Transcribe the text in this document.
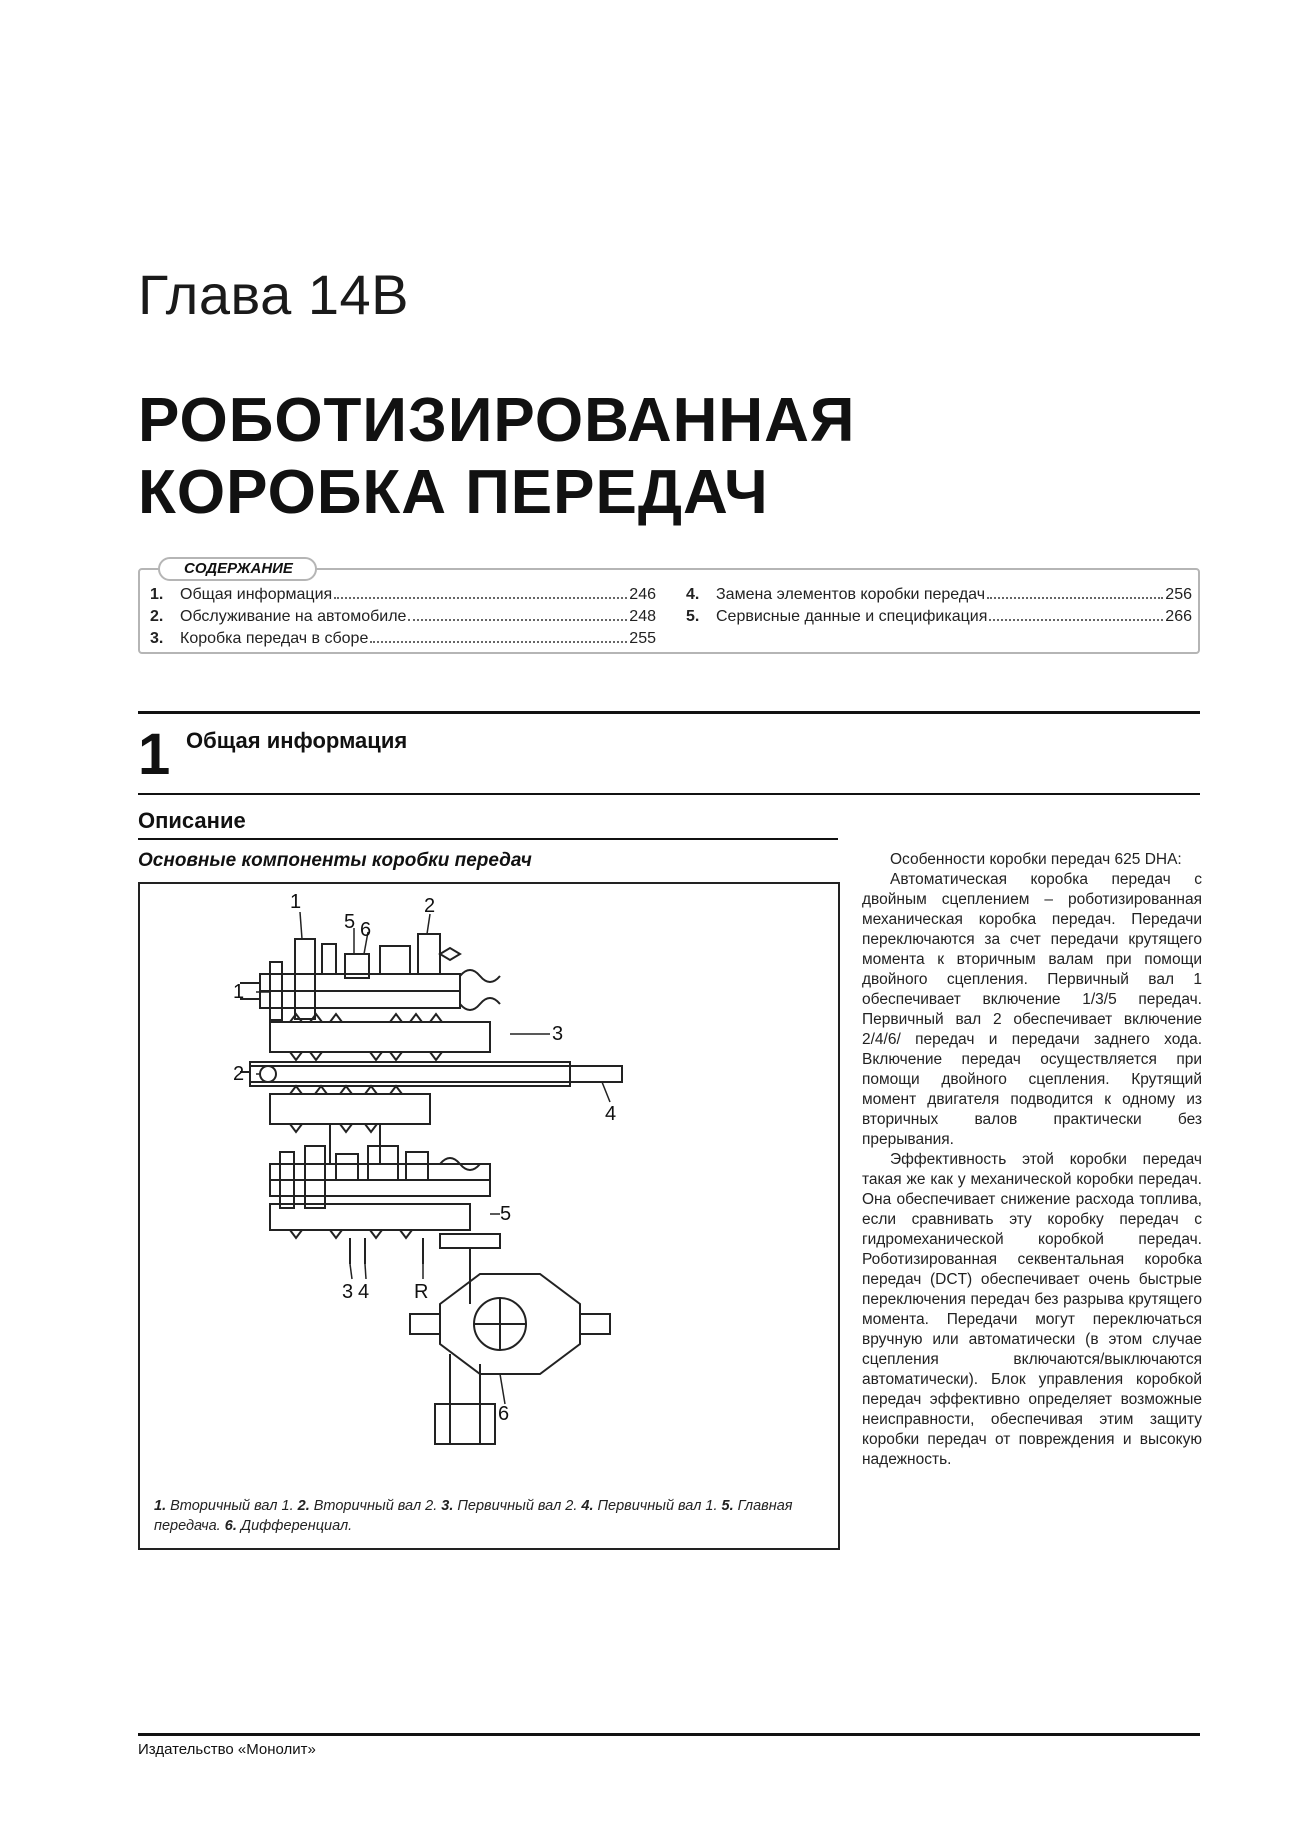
Глава 14В
РОБОТИЗИРОВАННАЯ
КОРОБКА ПЕРЕДАЧ
СОДЕРЖАНИЕ
1.	Общая информация	246
2.	Обслуживание на автомобиле	248
3.	Коробка передач в сборе	255
4.	Замена элементов коробки передач	256
5.	Сервисные данные и спецификация	266
1 Общая информация
Описание
Основные компоненты коробки передач
1	2
5 6
1
2
3
4
5
6
3 4 R
1. Вторичный вал 1. 2. Вторичный вал 2. 3. Первичный вал 2. 4. Первичный вал 1. 5. Главная передача. 6. Дифференциал.

Особенности коробки передач 625 DHA:

Автоматическая коробка передач с двойным сцеплением – роботизированная механическая коробка передач. Передачи переключаются за счет передачи крутящего момента к вторичным валам при помощи двойного сцепления. Первичный вал 1 обеспечивает включение 1/3/5 передач. Первичный вал 2 обеспечивает включение 2/4/6/ передач и передачи заднего хода. Включение передач осуществляется при помощи двойного сцепления. Крутящий момент двигателя подводится к одному из вторичных валов практически без прерывания.

Эффективность этой коробки передач такая же как у механической коробки передач. Она обеспечивает снижение расхода топлива, если сравнивать эту коробку передач с гидромеханической коробкой передач. Роботизированная секвентальная коробка передач (DCT) обеспечивает очень быстрые переключения передач без разрыва крутящего момента. Передачи могут переключаться вручную или автоматически (в этом случае сцепления включаются/выключаются автоматически). Блок управления коробкой передач эффективно определяет возможные неисправности, обеспечивая этим защиту коробки передач от повреждения и высокую надежность.

Издательство «Монолит»
